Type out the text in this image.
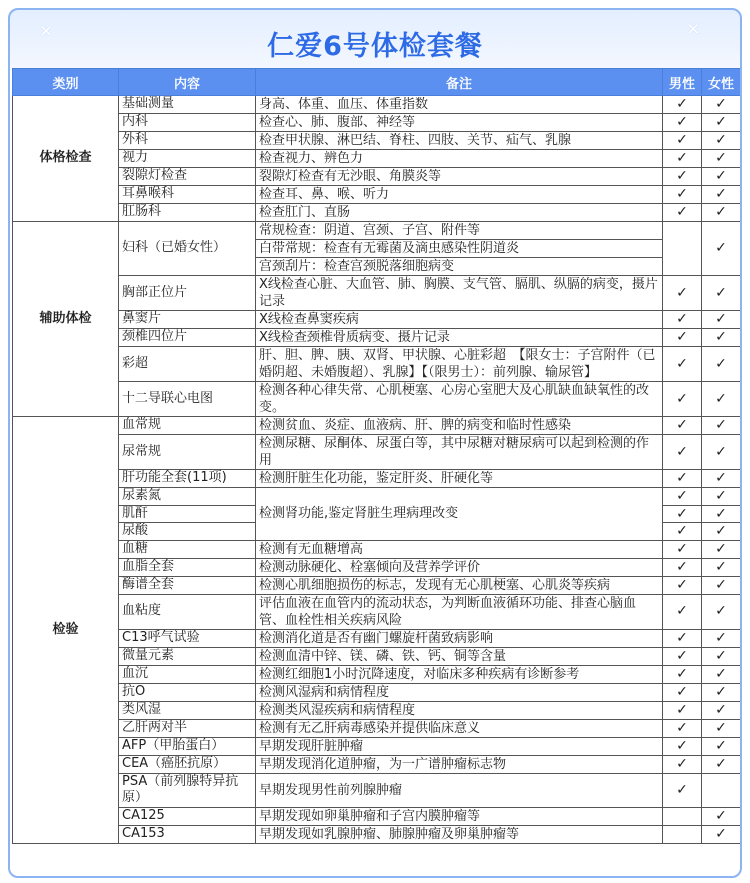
✕	仁爱6号体检套餐
✕
类别	内容	备注	男性	女性
体格检查	基础测量	身高、体重、血压、体重指数	✓	✓
	内科	检查心、肺、腹部、神经等	✓	✓
	外科	检查甲状腺、淋巴结、脊柱、四肢、关节、疝气、乳腺	✓	✓
	视力	检查视力、辨色力	✓	✓
	裂隙灯检查	裂隙灯检查有无沙眼、角膜炎等	✓	✓
	耳鼻喉科	检查耳、鼻、喉、听力	✓	✓
	肛肠科	检查肛门、直肠	✓	✓
辅助体检	妇科（已婚女性）	常规检查：阴道、宫颈、子宫、附件等
白带常规：检查有无霉菌及滴虫感染性阴道炎
宫颈刮片：检查宫颈脱落细胞病变		✓
	胸部正位片	X线检查心脏、大血管、肺、胸膜、支气管、膈肌、纵膈的病变，摄片记录	✓	✓
	鼻窦片	X线检查鼻窦疾病	✓	✓
	颈椎四位片	X线检查颈椎骨质病变、摄片记录	✓	✓
	彩超	肝、胆、脾、胰、双肾、甲状腺、心脏彩超　【限女士：子宫附件（已婚阴超、未婚腹超）、乳腺】【（限男士）：前列腺、输尿管】	✓	✓
	十二导联心电图	检测各种心律失常、心肌梗塞、心房心室肥大及心肌缺血缺氧性的改变。	✓	✓
检验	血常规	检测贫血、炎症、血液病、肝、脾的病变和临时性感染	✓	✓
	尿常规	检测尿糖、尿酮体、尿蛋白等，其中尿糖对糖尿病可以起到检测的作用	✓	✓
	肝功能全套(11项)	检测肝脏生化功能，鉴定肝炎、肝硬化等	✓	✓
	尿素氮	检测肾功能,鉴定肾脏生理病理改变	✓	✓
	肌酐		✓	✓
	尿酸		✓	✓
	血糖	检测有无血糖增高	✓	✓
	血脂全套	检测动脉硬化、栓塞倾向及营养学评价	✓	✓
	酶谱全套	检测心肌细胞损伤的标志，发现有无心肌梗塞、心肌炎等疾病	✓	✓
	血粘度	评估血液在血管内的流动状态，为判断血液循环功能、排查心脑血管、血栓性相关疾病风险	✓	✓
	C13呼气试验	检测消化道是否有幽门螺旋杆菌致病影响	✓	✓
	微量元素	检测血清中锌、镁、磷、铁、钙、铜等含量	✓	✓
	血沉	检测红细胞1小时沉降速度，对临床多种疾病有诊断参考	✓	✓
	抗O	检测风湿病和病情程度	✓	✓
	类风湿	检测类风湿疾病和病情程度	✓	✓
	乙肝两对半	检测有无乙肝病毒感染并提供临床意义	✓	✓
	AFP（甲胎蛋白）	早期发现肝脏肿瘤	✓	✓
	CEA（癌胚抗原）	早期发现消化道肿瘤，为一广谱肿瘤标志物	✓	✓
	PSA（前列腺特异抗原）	早期发现男性前列腺肿瘤	✓	
	CA125	早期发现如卵巢肿瘤和子宫内膜肿瘤等		✓
	CA153	早期发现如乳腺肿瘤、肺腺肿瘤及卵巢肿瘤等		✓
